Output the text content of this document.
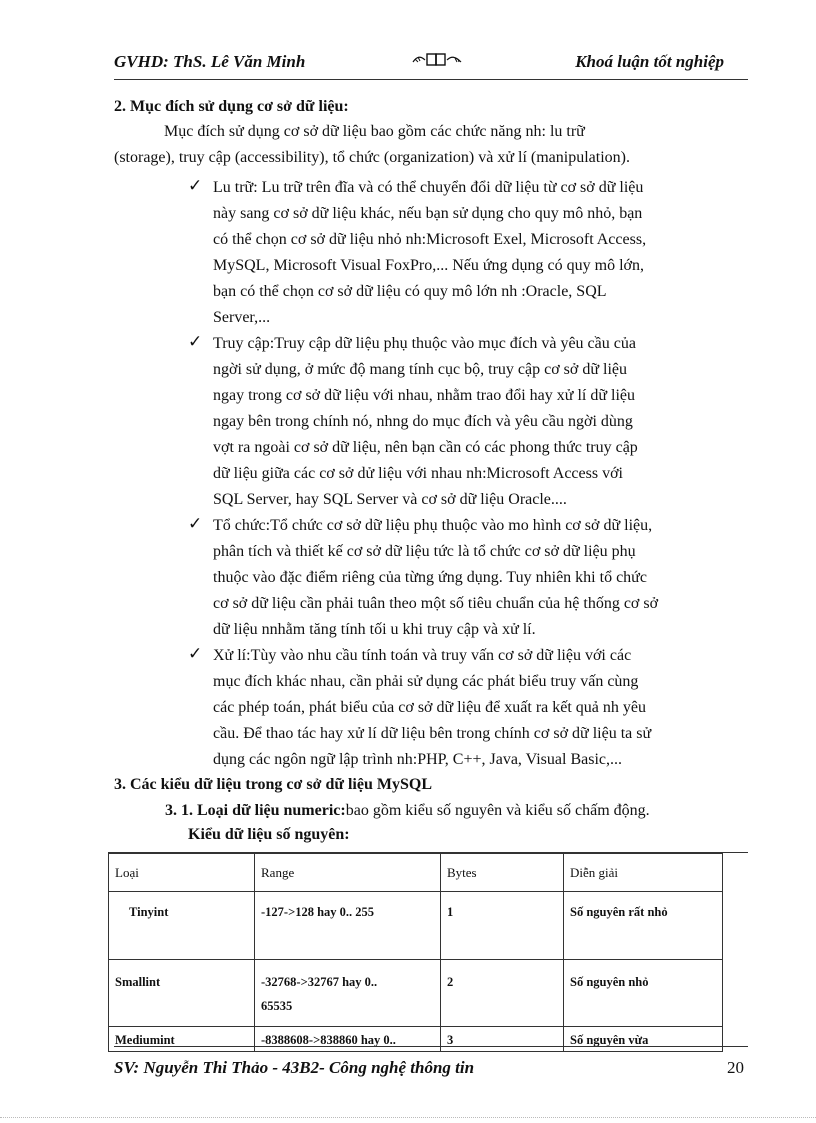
GVHD: ThS. Lê Văn Minh	Khoá luận tốt nghiệp
2. Mục đích sử dụng cơ sở dữ liệu:
Mục đích sử dụng cơ sở dữ liệu bao gồm các chức năng nh: lu trữ
(storage), truy cập (accessibility), tổ chức (organization) và xử lí (manipulation).
✓ Lu trữ: Lu trữ trên đĩa và có thể chuyển đổi dữ liệu từ cơ sở dữ liệu
này sang cơ sở dữ liệu khác, nếu bạn sử dụng cho quy mô nhỏ, bạn
có thể chọn cơ sở dữ liệu nhỏ nh:Microsoft Exel, Microsoft Access,
MySQL, Microsoft Visual FoxPro,... Nếu ứng dụng có quy mô lớn,
bạn có thể chọn cơ sở dữ liệu có quy mô lớn nh :Oracle, SQL
Server,...
✓ Truy cập:Truy cập dữ liệu phụ thuộc vào mục đích và yêu cầu của
ngời sử dụng, ở mức độ mang tính cục bộ, truy cập cơ sở dữ liệu
ngay trong cơ sở dữ liệu với nhau, nhằm trao đổi hay xử lí dữ liệu
ngay bên trong chính nó, nhng do mục đích và yêu cầu ngời dùng
vợt ra ngoài cơ sở dữ liệu, nên bạn cần có các phong thức truy cập
dữ liệu giữa các cơ sở dử liệu với nhau nh:Microsoft Access với
SQL Server, hay SQL Server và cơ sở dữ liệu Oracle....
✓ Tổ chức:Tổ chức cơ sở dữ liệu phụ thuộc vào mo hình cơ sở dữ liệu,
phân tích và thiết kế cơ sở dữ liệu tức là tổ chức cơ sở dữ liệu phụ
thuộc vào đặc điểm riêng của từng ứng dụng. Tuy nhiên khi tổ chức
cơ sở dữ liệu cần phải tuân theo một số tiêu chuẩn của hệ thống cơ sở
dữ liệu nnhằm tăng tính tối u khi truy cập và xử lí.
✓ Xử lí:Tùy vào nhu cầu tính toán và truy vấn cơ sở dữ liệu với các
mục đích khác nhau, cần phải sử dụng các phát biểu truy vấn cùng
các phép toán, phát biểu của cơ sở dữ liệu để xuất ra kết quả nh yêu
cầu. Để thao tác hay xử lí dữ liệu bên trong chính cơ sở dữ liệu ta sử
dụng các ngôn ngữ lập trình nh:PHP, C++, Java, Visual Basic,...
3. Các kiểu dữ liệu trong cơ sở dữ liệu MySQL
3. 1. Loại dữ liệu numeric:bao gồm kiểu số nguyên và kiểu số chấm động.
Kiểu dữ liệu số nguyên:
Loại	Range	Bytes	Diễn giải
Tinyint	-127->128 hay 0.. 255	1	Số nguyên rất nhỏ
Smallint	-32768->32767 hay 0.. 65535	2	Số nguyên nhỏ
Mediumint	-8388608->838860 hay 0..	3	Số nguyên vừa
SV: Nguyễn Thi Thảo - 43B2- Công nghệ thông tin	20
